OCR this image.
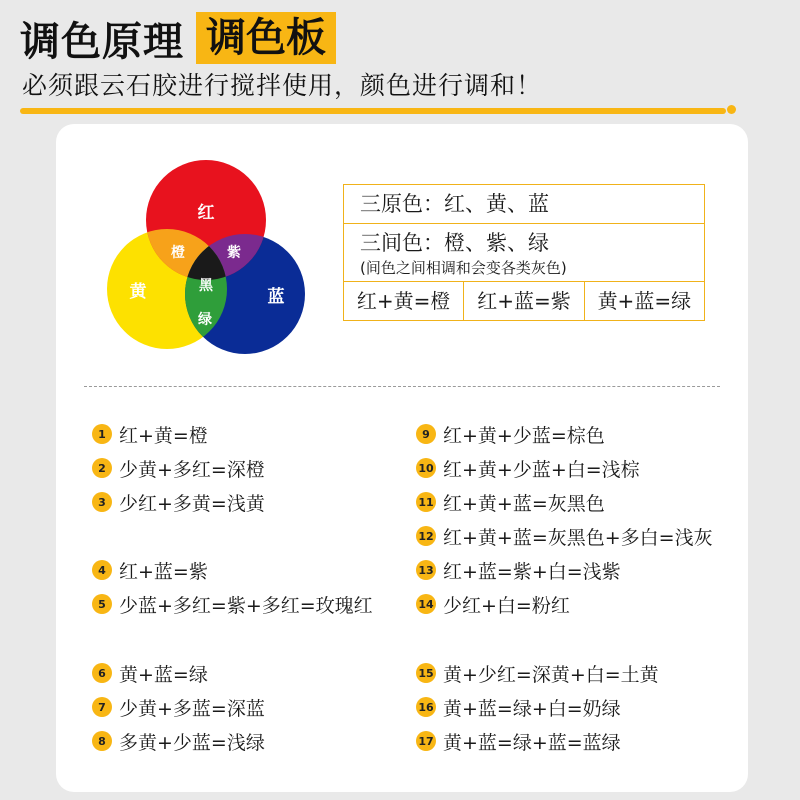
调色原理 调色板
必须跟云石胶进行搅拌使用，颜色进行调和！
红
黄	蓝
橙	紫
黑
绿
三原色：红、黄、蓝
三间色：橙、紫、绿
(间色之间相调和会变各类灰色)
红+黄=橙	红+蓝=紫	黄+蓝=绿
1 红+黄=橙
2 少黄+多红=深橙
3 少红+多黄=浅黄
4 红+蓝=紫
5 少蓝+多红=紫+多红=玫瑰红
6 黄+蓝=绿
7 少黄+多蓝=深蓝
8 多黄+少蓝=浅绿
9 红+黄+少蓝=棕色
10 红+黄+少蓝+白=浅棕
11 红+黄+蓝=灰黑色
12 红+黄+蓝=灰黑色+多白=浅灰
13 红+蓝=紫+白=浅紫
14 少红+白=粉红
15 黄+少红=深黄+白=土黄
16 黄+蓝=绿+白=奶绿
17 黄+蓝=绿+蓝=蓝绿
